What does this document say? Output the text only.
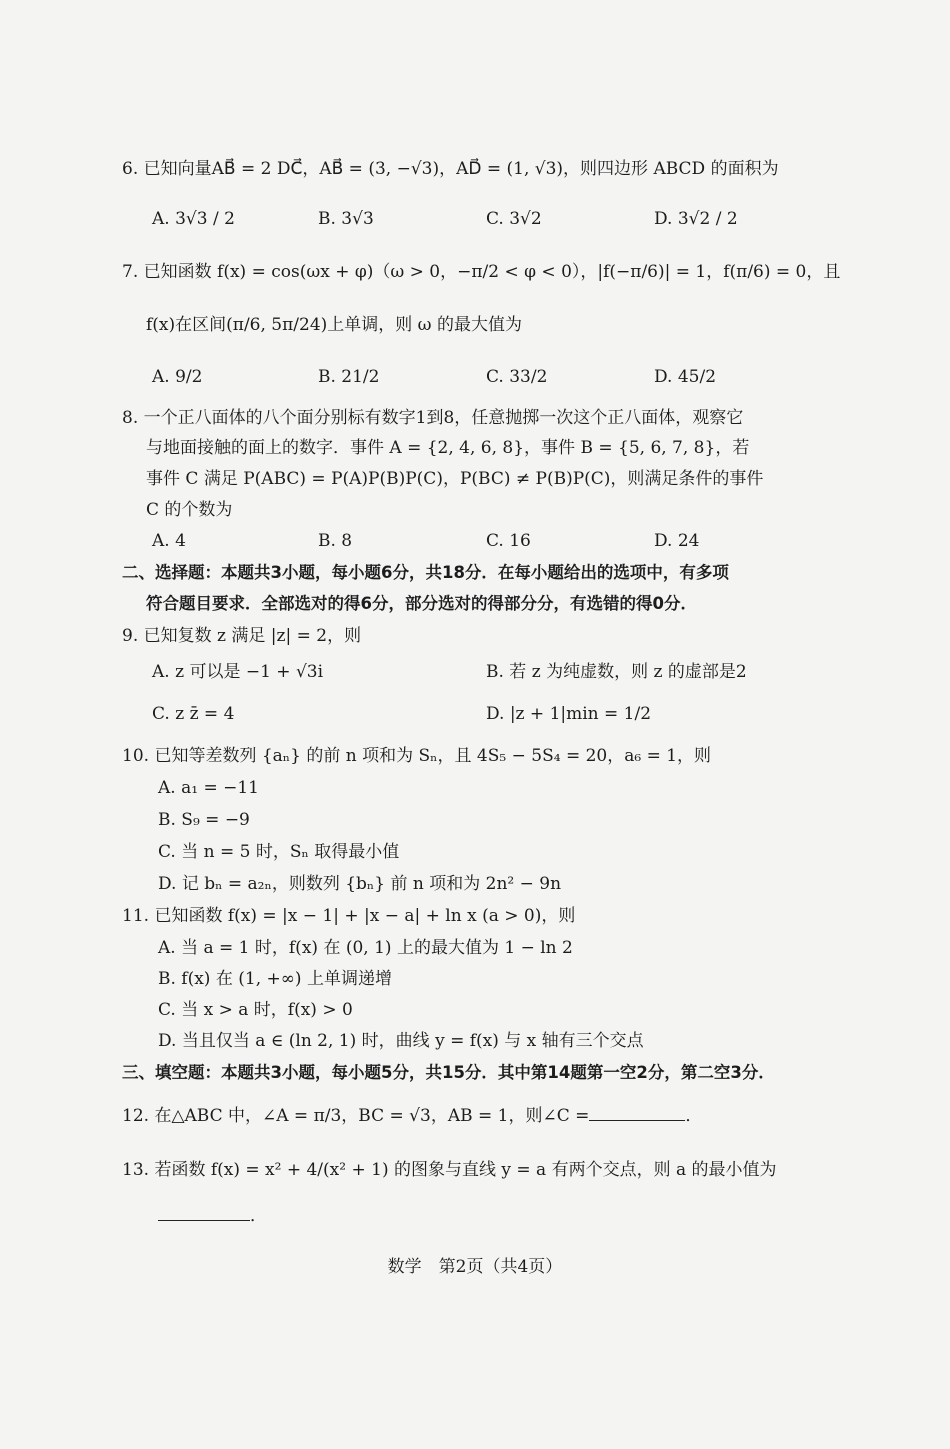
6. 已知向量AB⃗ = 2 DC⃗，AB⃗ = (3, −√3)，AD⃗ = (1, √3)，则四边形 ABCD 的面积为
A. 3√3 / 2	B. 3√3	C. 3√2	D. 3√2 / 2
7. 已知函数 f(x) = cos(ωx + φ)（ω > 0，−π/2 < φ < 0），|f(−π/6)| = 1，f(π/6) = 0，且
f(x)在区间(π/6, 5π/24)上单调，则 ω 的最大值为
A. 9/2	B. 21/2	C. 33/2	D. 45/2
8. 一个正八面体的八个面分别标有数字1到8，任意抛掷一次这个正八面体，观察它
与地面接触的面上的数字．事件 A = {2, 4, 6, 8}，事件 B = {5, 6, 7, 8}，若
事件 C 满足 P(ABC) = P(A)P(B)P(C)，P(BC) ≠ P(B)P(C)，则满足条件的事件
C 的个数为
A. 4	B. 8	C. 16	D. 24
二、选择题：本题共3小题，每小题6分，共18分．在每小题给出的选项中，有多项
符合题目要求．全部选对的得6分，部分选对的得部分分，有选错的得0分．
9. 已知复数 z 满足 |z| = 2，则
A. z 可以是 −1 + √3i	B. 若 z 为纯虚数，则 z 的虚部是2
C. z z̄ = 4	D. |z + 1|min = 1/2
10. 已知等差数列 {aₙ} 的前 n 项和为 Sₙ，且 4S₅ − 5S₄ = 20，a₆ = 1，则
A. a₁ = −11
B. S₉ = −9
C. 当 n = 5 时，Sₙ 取得最小值
D. 记 bₙ = a₂ₙ，则数列 {bₙ} 前 n 项和为 2n² − 9n
11. 已知函数 f(x) = |x − 1| + |x − a| + ln x (a > 0)，则
A. 当 a = 1 时，f(x) 在 (0, 1) 上的最大值为 1 − ln 2
B. f(x) 在 (1, +∞) 上单调递增
C. 当 x > a 时，f(x) > 0
D. 当且仅当 a ∈ (ln 2, 1) 时，曲线 y = f(x) 与 x 轴有三个交点
三、填空题：本题共3小题，每小题5分，共15分．其中第14题第一空2分，第二空3分．
12. 在△ABC 中，∠A = π/3，BC = √3，AB = 1，则∠C =	．
13. 若函数 f(x) = x² + 4/(x² + 1) 的图象与直线 y = a 有两个交点，则 a 的最小值为
．
数学　第2页（共4页）
